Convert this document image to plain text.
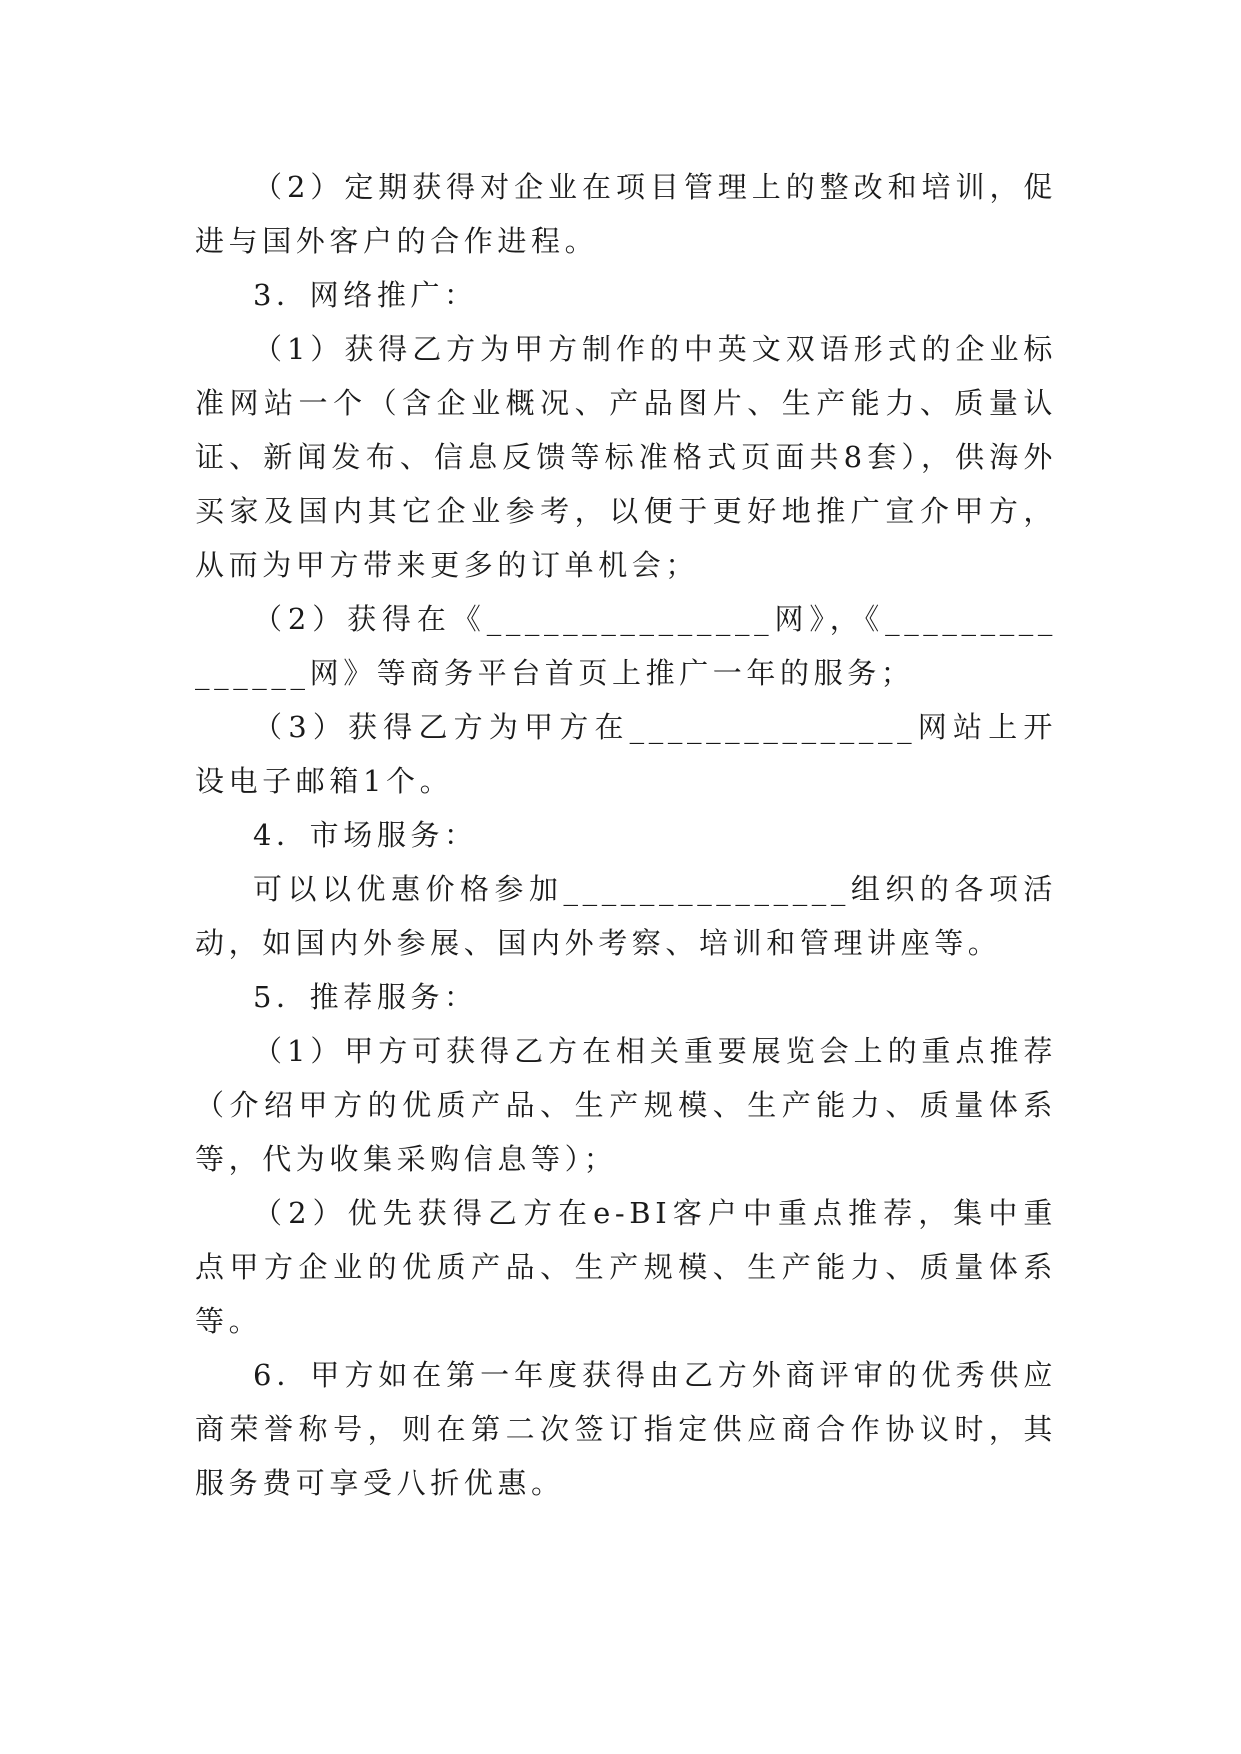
（2）定期获得对企业在项目管理上的整改和培训，促进与国外客户的合作进程。

3．网络推广：

（1）获得乙方为甲方制作的中英文双语形式的企业标准网站一个（含企业概况、产品图片、生产能力、质量认证、新闻发布、信息反馈等标准格式页面共8套），供海外买家及国内其它企业参考，以便于更好地推广宣介甲方，从而为甲方带来更多的订单机会；

（2）获得在《_______________网》，《_______________网》等商务平台首页上推广一年的服务；

（3）获得乙方为甲方在_______________网站上开设电子邮箱1个。

4．市场服务：

可以以优惠价格参加_______________组织的各项活动，如国内外参展、国内外考察、培训和管理讲座等。

5．推荐服务：

（1）甲方可获得乙方在相关重要展览会上的重点推荐（介绍甲方的优质产品、生产规模、生产能力、质量体系等，代为收集采购信息等）；

（2）优先获得乙方在e-BI客户中重点推荐，集中重点甲方企业的优质产品、生产规模、生产能力、质量体系等。

6．甲方如在第一年度获得由乙方外商评审的优秀供应商荣誉称号，则在第二次签订指定供应商合作协议时，其服务费可享受八折优惠。
